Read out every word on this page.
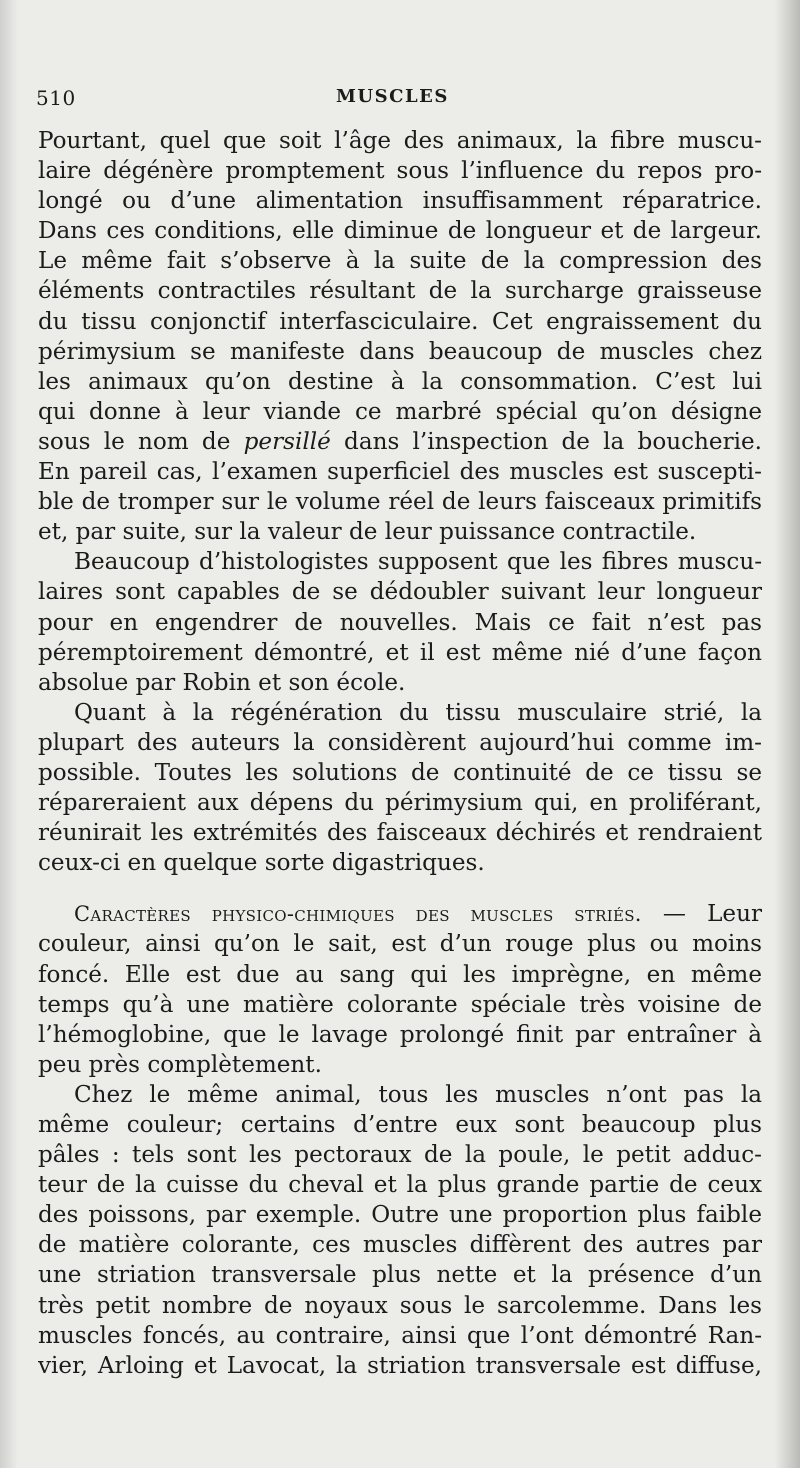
510	MUSCLES
Pourtant, quel que soit l’âge des animaux, la fibre muscu-
laire dégénère promptement sous l’influence du repos pro-
longé ou d’une alimentation insuffisamment réparatrice.
Dans ces conditions, elle diminue de longueur et de largeur.
Le même fait s’observe à la suite de la compression des
éléments contractiles résultant de la surcharge graisseuse
du tissu conjonctif interfasciculaire. Cet engraissement du
périmysium se manifeste dans beaucoup de muscles chez
les animaux qu’on destine à la consommation. C’est lui
qui donne à leur viande ce marbré spécial qu’on désigne
sous le nom de persillé dans l’inspection de la boucherie.
En pareil cas, l’examen superficiel des muscles est suscepti-
ble de tromper sur le volume réel de leurs faisceaux primitifs
et, par suite, sur la valeur de leur puissance contractile.
Beaucoup d’histologistes supposent que les fibres muscu-
laires sont capables de se dédoubler suivant leur longueur
pour en engendrer de nouvelles. Mais ce fait n’est pas
péremptoirement démontré, et il est même nié d’une façon
absolue par Robin et son école.
Quant à la régénération du tissu musculaire strié, la
plupart des auteurs la considèrent aujourd’hui comme im-
possible. Toutes les solutions de continuité de ce tissu se
répareraient aux dépens du périmysium qui, en proliférant,
réunirait les extrémités des faisceaux déchirés et rendraient
ceux-ci en quelque sorte digastriques.
Caractères physico-chimiques des muscles striés. — Leur
couleur, ainsi qu’on le sait, est d’un rouge plus ou moins
foncé. Elle est due au sang qui les imprègne, en même
temps qu’à une matière colorante spéciale très voisine de
l’hémoglobine, que le lavage prolongé finit par entraîner à
peu près complètement.
Chez le même animal, tous les muscles n’ont pas la
même couleur; certains d’entre eux sont beaucoup plus
pâles : tels sont les pectoraux de la poule, le petit adduc-
teur de la cuisse du cheval et la plus grande partie de ceux
des poissons, par exemple. Outre une proportion plus faible
de matière colorante, ces muscles diffèrent des autres par
une striation transversale plus nette et la présence d’un
très petit nombre de noyaux sous le sarcolemme. Dans les
muscles foncés, au contraire, ainsi que l’ont démontré Ran-
vier, Arloing et Lavocat, la striation transversale est diffuse,
